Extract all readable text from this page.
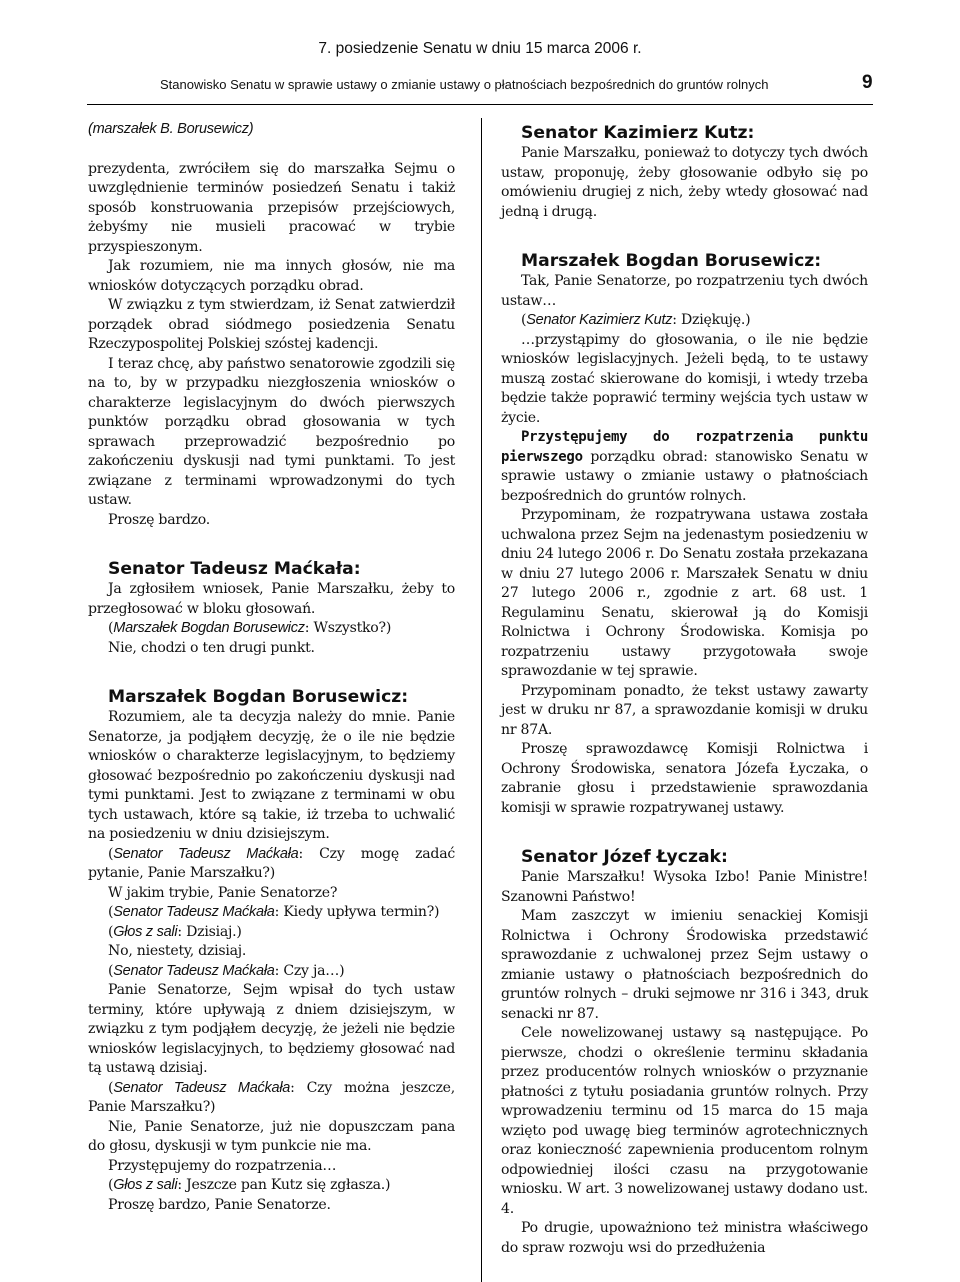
7. posiedzenie Senatu w dniu 15 marca 2006 r.
Stanowisko Senatu w sprawie ustawy o zmianie ustawy o płatnościach bezpośrednich do gruntów rolnych	9

(marszałek B. Borusewicz)

prezydenta, zwróciłem się do marszałka Sejmu o uwzględnienie terminów posiedzeń Senatu i takiż sposób konstruowania przepisów przejściowych, żebyśmy nie musieli pracować w trybie przyspieszonym.

Jak rozumiem, nie ma innych głosów, nie ma wniosków dotyczących porządku obrad.

W związku z tym stwierdzam, iż Senat zatwierdził porządek obrad siódmego posiedzenia Senatu Rzeczypospolitej Polskiej szóstej kadencji.

I teraz chcę, aby państwo senatorowie zgodzili się na to, by w przypadku niezgłoszenia wniosków o charakterze legislacyjnym do dwóch pierwszych punktów porządku obrad głosowania w tych sprawach przeprowadzić bezpośrednio po zakończeniu dyskusji nad tymi punktami. To jest związane z terminami wprowadzonymi do tych ustaw.

Proszę bardzo.

Senator Tadeusz Maćkała:

Ja zgłosiłem wniosek, Panie Marszałku, żeby to przegłosować w bloku głosowań.

(Marszałek Bogdan Borusewicz: Wszystko?)

Nie, chodzi o ten drugi punkt.

Marszałek Bogdan Borusewicz:

Rozumiem, ale ta decyzja należy do mnie. Panie Senatorze, ja podjąłem decyzję, że o ile nie będzie wniosków o charakterze legislacyjnym, to będziemy głosować bezpośrednio po zakończeniu dyskusji nad tymi punktami. Jest to związane z terminami w obu tych ustawach, które są takie, iż trzeba to uchwalić na posiedzeniu w dniu dzisiejszym.

(Senator Tadeusz Maćkała: Czy mogę zadać pytanie, Panie Marszałku?)

W jakim trybie, Panie Senatorze?

(Senator Tadeusz Maćkała: Kiedy upływa termin?)

(Głos z sali: Dzisiaj.)

No, niestety, dzisiaj.

(Senator Tadeusz Maćkała: Czy ja…)

Panie Senatorze, Sejm wpisał do tych ustaw terminy, które upływają z dniem dzisiejszym, w związku z tym podjąłem decyzję, że jeżeli nie będzie wniosków legislacyjnych, to będziemy głosować nad tą ustawą dzisiaj.

(Senator Tadeusz Maćkała: Czy można jeszcze, Panie Marszałku?)

Nie, Panie Senatorze, już nie dopuszczam pana do głosu, dyskusji w tym punkcie nie ma.

Przystępujemy do rozpatrzenia…

(Głos z sali: Jeszcze pan Kutz się zgłasza.)

Proszę bardzo, Panie Senatorze.

Senator Kazimierz Kutz:

Panie Marszałku, ponieważ to dotyczy tych dwóch ustaw, proponuję, żeby głosowanie odbyło się po omówieniu drugiej z nich, żeby wtedy głosować nad jedną i drugą.

Marszałek Bogdan Borusewicz:

Tak, Panie Senatorze, po rozpatrzeniu tych dwóch ustaw…

(Senator Kazimierz Kutz: Dziękuję.)

…przystąpimy do głosowania, o ile nie będzie wniosków legislacyjnych. Jeżeli będą, to te ustawy muszą zostać skierowane do komisji, i wtedy trzeba będzie także poprawić terminy wejścia tych ustaw w życie.

Przystępujemy do rozpatrzenia punktu pierwszego porządku obrad: stanowisko Senatu w sprawie ustawy o zmianie ustawy o płatnościach bezpośrednich do gruntów rolnych.

Przypominam, że rozpatrywana ustawa została uchwalona przez Sejm na jedenastym posiedzeniu w dniu 24 lutego 2006 r. Do Senatu została przekazana w dniu 27 lutego 2006 r. Marszałek Senatu w dniu 27 lutego 2006 r., zgodnie z art. 68 ust. 1 Regulaminu Senatu, skierował ją do Komisji Rolnictwa i Ochrony Środowiska. Komisja po rozpatrzeniu ustawy przygotowała swoje sprawozdanie w tej sprawie.

Przypominam ponadto, że tekst ustawy zawarty jest w druku nr 87, a sprawozdanie komisji w druku nr 87A.

Proszę sprawozdawcę Komisji Rolnictwa i Ochrony Środowiska, senatora Józefa Łyczaka, o zabranie głosu i przedstawienie sprawozdania komisji w sprawie rozpatrywanej ustawy.

Senator Józef Łyczak:

Panie Marszałku! Wysoka Izbo! Panie Ministre! Szanowni Państwo!

Mam zaszczyt w imieniu senackiej Komisji Rolnictwa i Ochrony Środowiska przedstawić sprawozdanie z uchwalonej przez Sejm ustawy o zmianie ustawy o płatnościach bezpośrednich do gruntów rolnych – druki sejmowe nr 316 i 343, druk senacki nr 87.

Cele nowelizowanej ustawy są następujące. Po pierwsze, chodzi o określenie terminu składania przez producentów rolnych wniosków o przyznanie płatności z tytułu posiadania gruntów rolnych. Przy wprowadzeniu terminu od 15 marca do 15 maja wzięto pod uwagę bieg terminów agrotechnicznych oraz konieczność zapewnienia producentom rolnym odpowiedniej ilości czasu na przygotowanie wniosku. W art. 3 nowelizowanej ustawy dodano ust. 4.

Po drugie, upoważniono też ministra właściwego do spraw rozwoju wsi do przedłużenia
